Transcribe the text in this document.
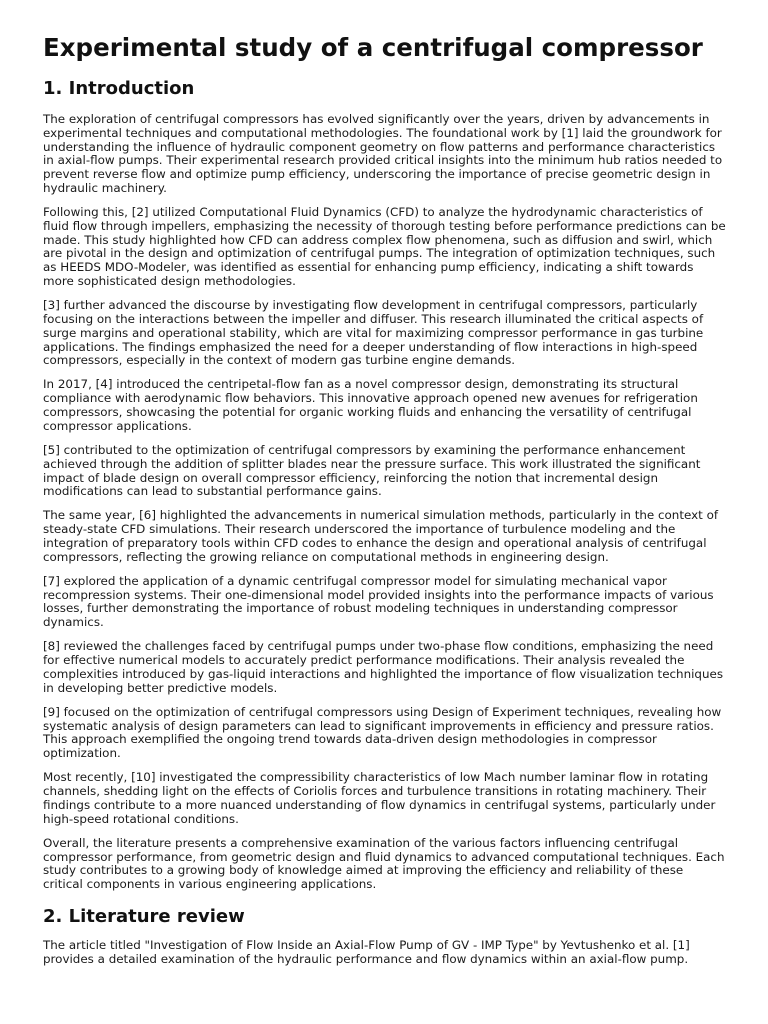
Experimental study of a centrifugal compressor
1. Introduction

The exploration of centrifugal compressors has evolved significantly over the years, driven by advancements in experimental techniques and computational methodologies. The foundational work by [1] laid the groundwork for understanding the influence of hydraulic component geometry on flow patterns and performance characteristics in axial-flow pumps. Their experimental research provided critical insights into the minimum hub ratios needed to prevent reverse flow and optimize pump efficiency, underscoring the importance of precise geometric design in hydraulic machinery.

Following this, [2] utilized Computational Fluid Dynamics (CFD) to analyze the hydrodynamic characteristics of fluid flow through impellers, emphasizing the necessity of thorough testing before performance predictions can be made. This study highlighted how CFD can address complex flow phenomena, such as diffusion and swirl, which are pivotal in the design and optimization of centrifugal pumps. The integration of optimization techniques, such as HEEDS MDO-Modeler, was identified as essential for enhancing pump efficiency, indicating a shift towards more sophisticated design methodologies.

[3] further advanced the discourse by investigating flow development in centrifugal compressors, particularly focusing on the interactions between the impeller and diffuser. This research illuminated the critical aspects of surge margins and operational stability, which are vital for maximizing compressor performance in gas turbine applications. The findings emphasized the need for a deeper understanding of flow interactions in high-speed compressors, especially in the context of modern gas turbine engine demands.

In 2017, [4] introduced the centripetal-flow fan as a novel compressor design, demonstrating its structural compliance with aerodynamic flow behaviors. This innovative approach opened new avenues for refrigeration compressors, showcasing the potential for organic working fluids and enhancing the versatility of centrifugal compressor applications.

[5] contributed to the optimization of centrifugal compressors by examining the performance enhancement achieved through the addition of splitter blades near the pressure surface. This work illustrated the significant impact of blade design on overall compressor efficiency, reinforcing the notion that incremental design modifications can lead to substantial performance gains.

The same year, [6] highlighted the advancements in numerical simulation methods, particularly in the context of steady-state CFD simulations. Their research underscored the importance of turbulence modeling and the integration of preparatory tools within CFD codes to enhance the design and operational analysis of centrifugal compressors, reflecting the growing reliance on computational methods in engineering design.

[7] explored the application of a dynamic centrifugal compressor model for simulating mechanical vapor recompression systems. Their one-dimensional model provided insights into the performance impacts of various losses, further demonstrating the importance of robust modeling techniques in understanding compressor dynamics.

[8] reviewed the challenges faced by centrifugal pumps under two-phase flow conditions, emphasizing the need for effective numerical models to accurately predict performance modifications. Their analysis revealed the complexities introduced by gas-liquid interactions and highlighted the importance of flow visualization techniques in developing better predictive models.

[9] focused on the optimization of centrifugal compressors using Design of Experiment techniques, revealing how systematic analysis of design parameters can lead to significant improvements in efficiency and pressure ratios. This approach exemplified the ongoing trend towards data-driven design methodologies in compressor optimization.

Most recently, [10] investigated the compressibility characteristics of low Mach number laminar flow in rotating channels, shedding light on the effects of Coriolis forces and turbulence transitions in rotating machinery. Their findings contribute to a more nuanced understanding of flow dynamics in centrifugal systems, particularly under high-speed rotational conditions.

Overall, the literature presents a comprehensive examination of the various factors influencing centrifugal compressor performance, from geometric design and fluid dynamics to advanced computational techniques. Each study contributes to a growing body of knowledge aimed at improving the efficiency and reliability of these critical components in various engineering applications.

2. Literature review

The article titled "Investigation of Flow Inside an Axial-Flow Pump of GV - IMP Type" by Yevtushenko et al. [1] provides a detailed examination of the hydraulic performance and flow dynamics within an axial-flow pump.
